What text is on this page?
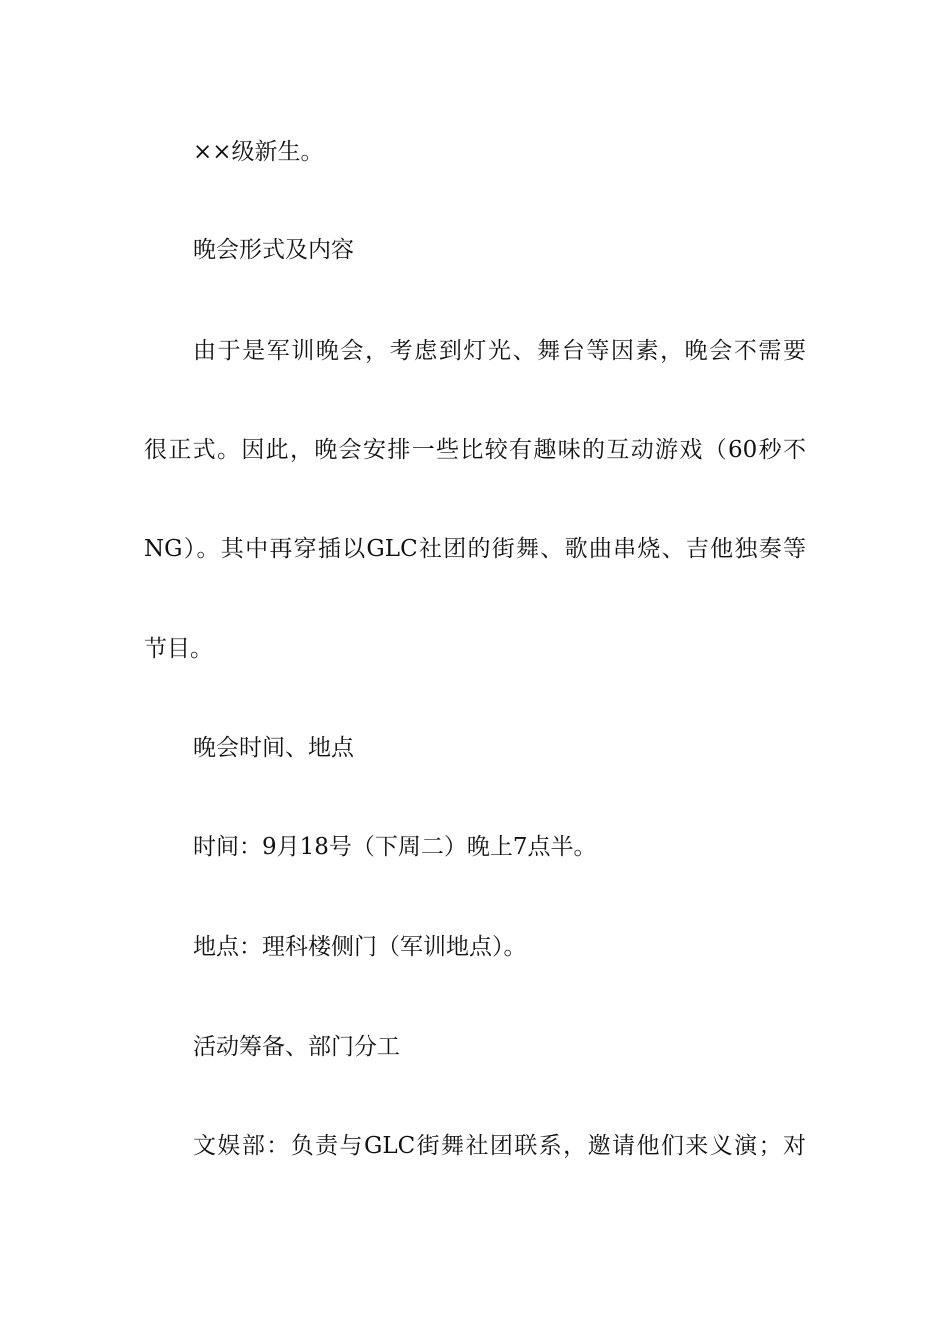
××级新生。
晚会形式及内容
由于是军训晚会，考虑到灯光、舞台等因素，晚会不需要
很正式。因此，晚会安排一些比较有趣味的互动游戏（60秒不
NG）。其中再穿插以GLC社团的街舞、歌曲串烧、吉他独奏等
节目。
晚会时间、地点
时间：9月18号（下周二）晚上7点半。
地点：理科楼侧门（军训地点）。
活动筹备、部门分工
文娱部：负责与GLC街舞社团联系，邀请他们来义演；对
